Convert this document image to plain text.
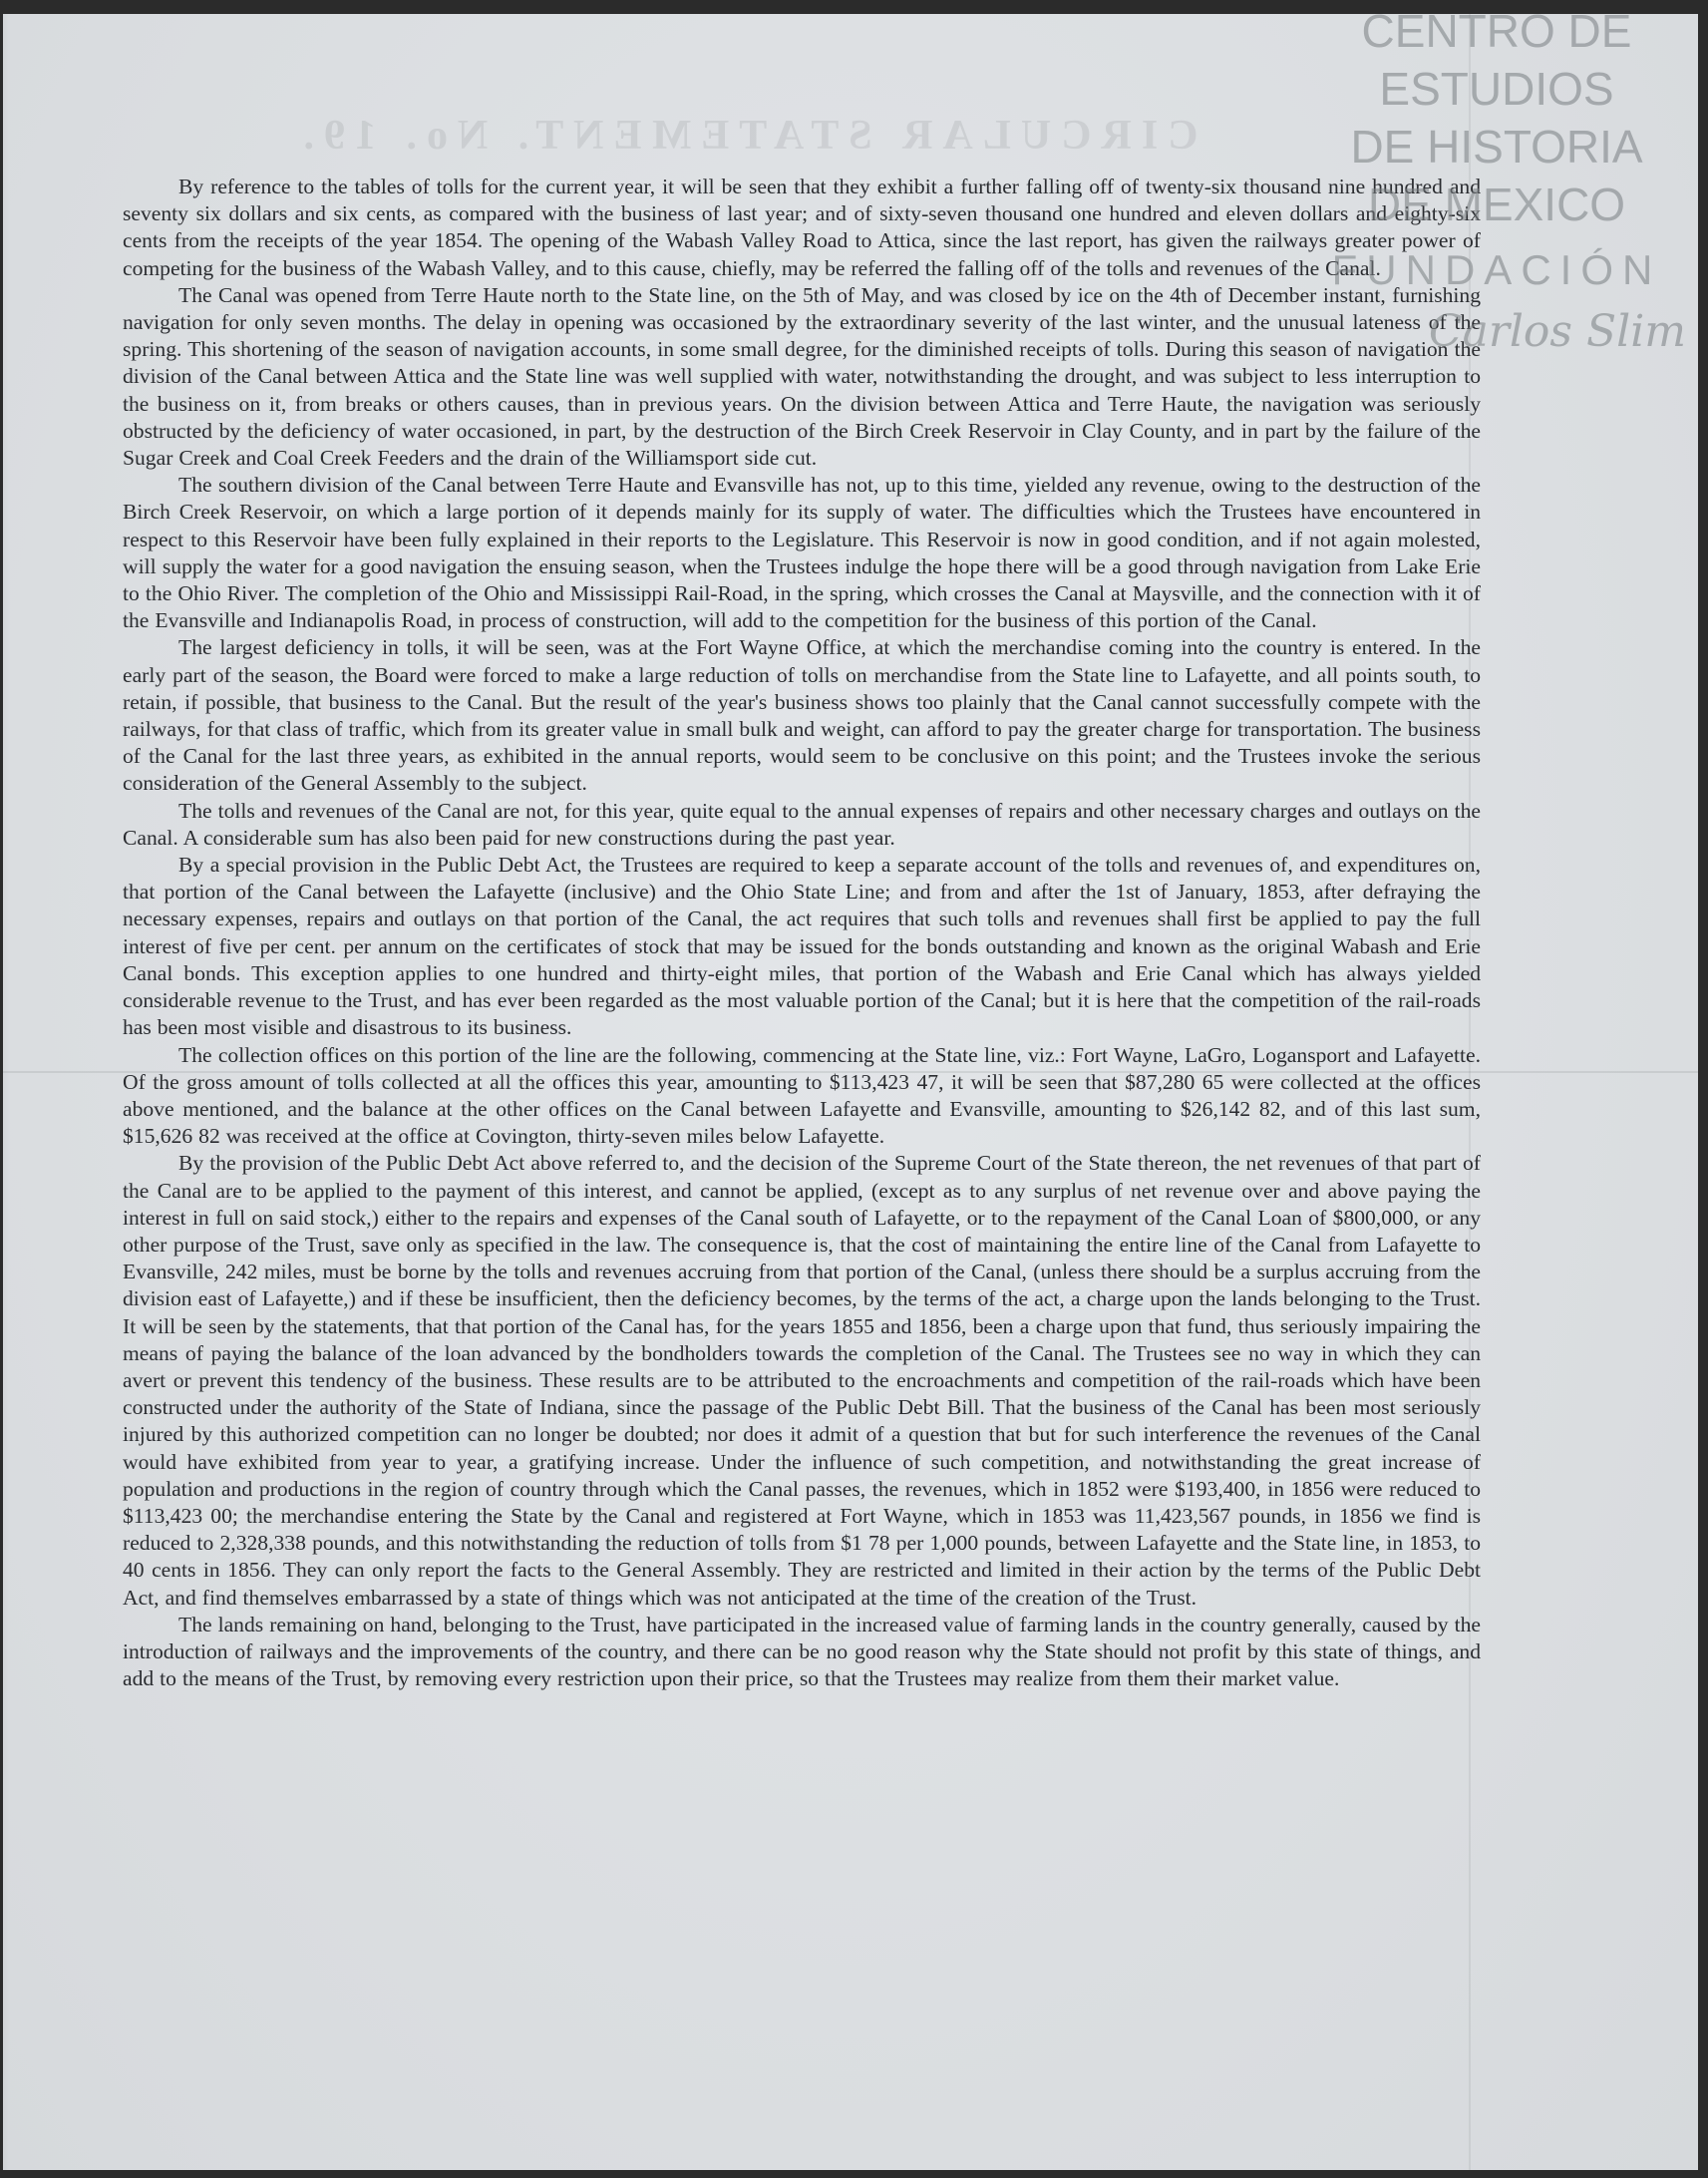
CIRCULAR STATEMENT. No. 19.

By reference to the tables of tolls for the current year, it will be seen that they exhibit a further falling off of twenty-six thousand nine hundred and seventy six dollars and six cents, as compared with the business of last year; and of sixty-seven thousand one hundred and eleven dollars and eighty-six cents from the receipts of the year 1854. The opening of the Wabash Valley Road to Attica, since the last report, has given the railways greater power of competing for the business of the Wabash Valley, and to this cause, chiefly, may be referred the falling off of the tolls and revenues of the Canal.

The Canal was opened from Terre Haute north to the State line, on the 5th of May, and was closed by ice on the 4th of December instant, furnishing navigation for only seven months. The delay in opening was occasioned by the extraordinary severity of the last winter, and the unusual lateness of the spring. This shortening of the season of navigation accounts, in some small degree, for the diminished receipts of tolls. During this season of navigation the division of the Canal between Attica and the State line was well supplied with water, notwithstanding the drought, and was subject to less interruption to the business on it, from breaks or others causes, than in previous years. On the division between Attica and Terre Haute, the navigation was seriously obstructed by the deficiency of water occasioned, in part, by the destruction of the Birch Creek Reservoir in Clay County, and in part by the failure of the Sugar Creek and Coal Creek Feeders and the drain of the Williamsport side cut.

The southern division of the Canal between Terre Haute and Evansville has not, up to this time, yielded any revenue, owing to the destruction of the Birch Creek Reservoir, on which a large portion of it depends mainly for its supply of water. The difficulties which the Trustees have encountered in respect to this Reservoir have been fully explained in their reports to the Legislature. This Reservoir is now in good condition, and if not again molested, will supply the water for a good navigation the ensuing season, when the Trustees indulge the hope there will be a good through navigation from Lake Erie to the Ohio River. The completion of the Ohio and Mississippi Rail-Road, in the spring, which crosses the Canal at Maysville, and the connection with it of the Evansville and Indianapolis Road, in process of construction, will add to the competition for the business of this portion of the Canal.

The largest deficiency in tolls, it will be seen, was at the Fort Wayne Office, at which the merchandise coming into the country is entered. In the early part of the season, the Board were forced to make a large reduction of tolls on merchandise from the State line to Lafayette, and all points south, to retain, if possible, that business to the Canal. But the result of the year's business shows too plainly that the Canal cannot successfully compete with the railways, for that class of traffic, which from its greater value in small bulk and weight, can afford to pay the greater charge for transportation. The business of the Canal for the last three years, as exhibited in the annual reports, would seem to be conclusive on this point; and the Trustees invoke the serious consideration of the General Assembly to the subject.

The tolls and revenues of the Canal are not, for this year, quite equal to the annual expenses of repairs and other necessary charges and outlays on the Canal. A considerable sum has also been paid for new constructions during the past year.

By a special provision in the Public Debt Act, the Trustees are required to keep a separate account of the tolls and revenues of, and expenditures on, that portion of the Canal between the Lafayette (inclusive) and the Ohio State Line; and from and after the 1st of January, 1853, after defraying the necessary expenses, repairs and outlays on that portion of the Canal, the act requires that such tolls and revenues shall first be applied to pay the full interest of five per cent. per annum on the certificates of stock that may be issued for the bonds outstanding and known as the original Wabash and Erie Canal bonds. This exception applies to one hundred and thirty-eight miles, that portion of the Wabash and Erie Canal which has always yielded considerable revenue to the Trust, and has ever been regarded as the most valuable portion of the Canal; but it is here that the competition of the rail-roads has been most visible and disastrous to its business.

The collection offices on this portion of the line are the following, commencing at the State line, viz.: Fort Wayne, LaGro, Logansport and Lafayette. Of the gross amount of tolls collected at all the offices this year, amounting to $113,423 47, it will be seen that $87,280 65 were collected at the offices above mentioned, and the balance at the other offices on the Canal between Lafayette and Evansville, amounting to $26,142 82, and of this last sum, $15,626 82 was received at the office at Covington, thirty-seven miles below Lafayette.

By the provision of the Public Debt Act above referred to, and the decision of the Supreme Court of the State thereon, the net revenues of that part of the Canal are to be applied to the payment of this interest, and cannot be applied, (except as to any surplus of net revenue over and above paying the interest in full on said stock,) either to the repairs and expenses of the Canal south of Lafayette, or to the repayment of the Canal Loan of $800,000, or any other purpose of the Trust, save only as specified in the law. The consequence is, that the cost of maintaining the entire line of the Canal from Lafayette to Evansville, 242 miles, must be borne by the tolls and revenues accruing from that portion of the Canal, (unless there should be a surplus accruing from the division east of Lafayette,) and if these be insufficient, then the deficiency becomes, by the terms of the act, a charge upon the lands belonging to the Trust. It will be seen by the statements, that that portion of the Canal has, for the years 1855 and 1856, been a charge upon that fund, thus seriously impairing the means of paying the balance of the loan advanced by the bondholders towards the completion of the Canal. The Trustees see no way in which they can avert or prevent this tendency of the business. These results are to be attributed to the encroachments and competition of the rail-roads which have been constructed under the authority of the State of Indiana, since the passage of the Public Debt Bill. That the business of the Canal has been most seriously injured by this authorized competition can no longer be doubted; nor does it admit of a question that but for such interference the revenues of the Canal would have exhibited from year to year, a gratifying increase. Under the influence of such competition, and notwithstanding the great increase of population and productions in the region of country through which the Canal passes, the revenues, which in 1852 were $193,400, in 1856 were reduced to $113,423 00; the merchandise entering the State by the Canal and registered at Fort Wayne, which in 1853 was 11,423,567 pounds, in 1856 we find is reduced to 2,328,338 pounds, and this notwithstanding the reduction of tolls from $1 78 per 1,000 pounds, between Lafayette and the State line, in 1853, to 40 cents in 1856. They can only report the facts to the General Assembly. They are restricted and limited in their action by the terms of the Public Debt Act, and find themselves embarrassed by a state of things which was not anticipated at the time of the creation of the Trust.

The lands remaining on hand, belonging to the Trust, have participated in the increased value of farming lands in the country generally, caused by the introduction of railways and the improvements of the country, and there can be no good reason why the State should not profit by this state of things, and add to the means of the Trust, by removing every restriction upon their price, so that the Trustees may realize from them their market value.

CENTRO DE
ESTUDIOS
DE HISTORIA
DE MEXICO
FUNDACIÓN
Carlos Slim
